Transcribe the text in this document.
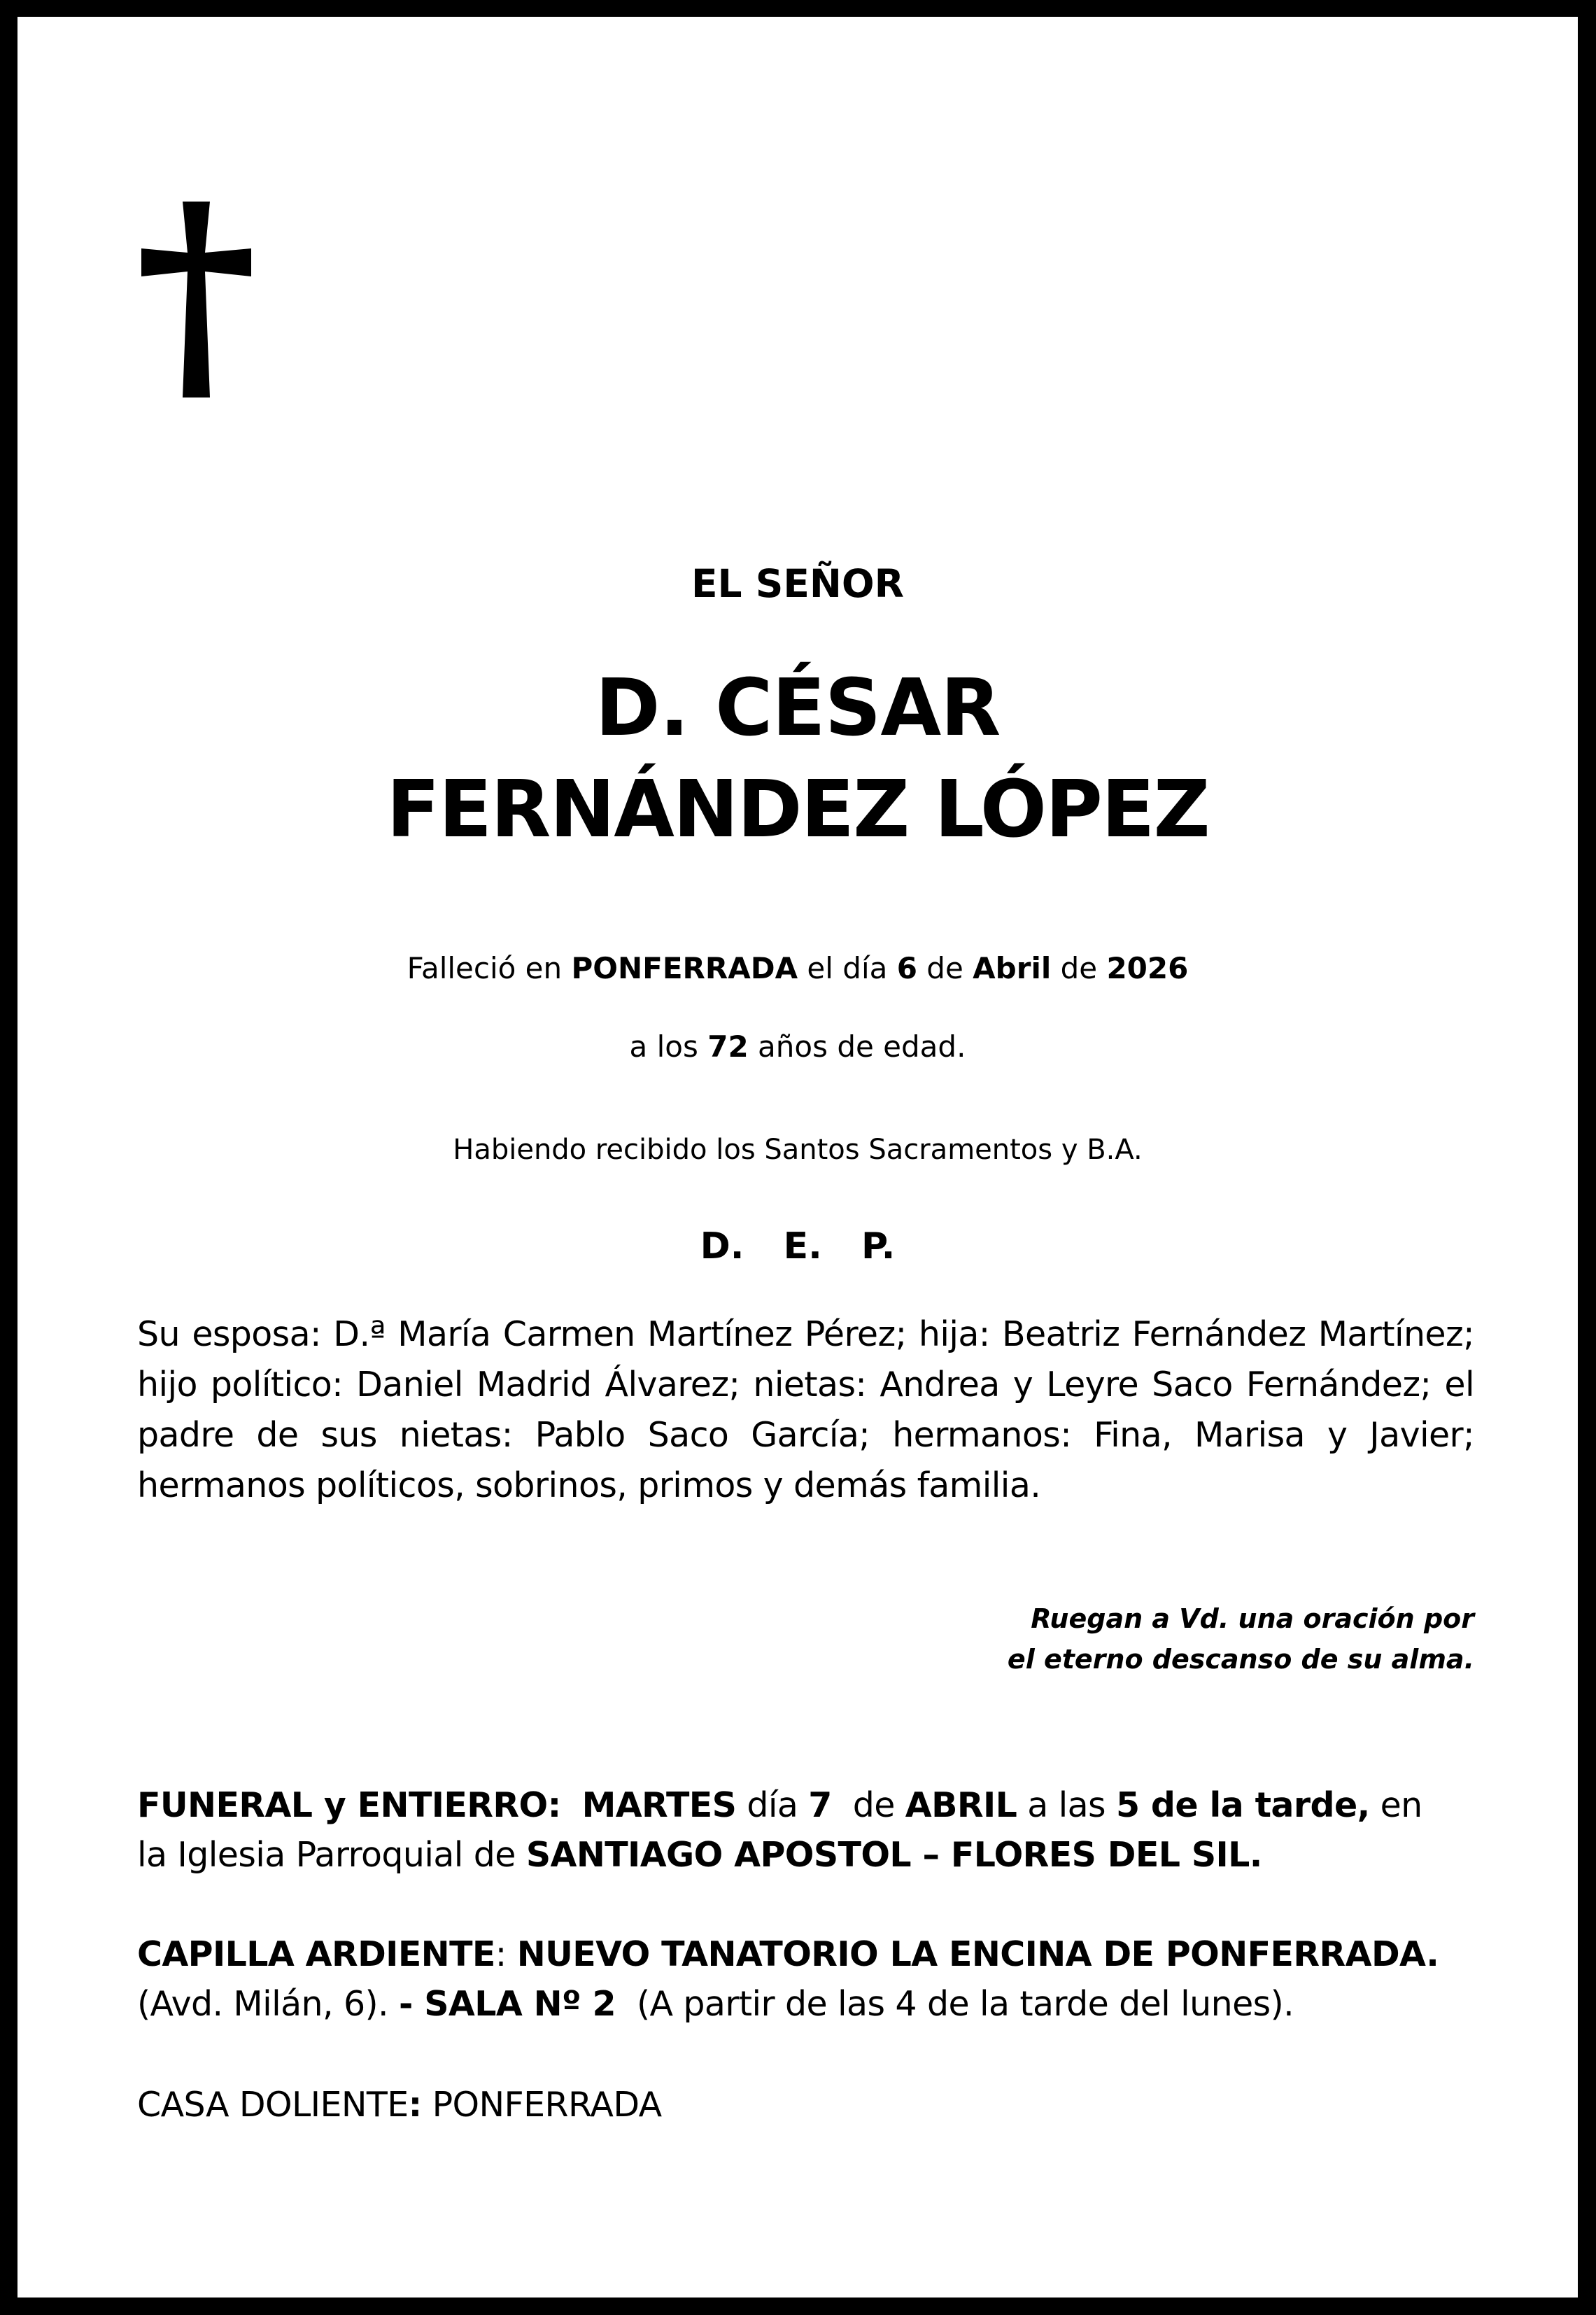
EL SEÑOR
D. CÉSAR
FERNÁNDEZ LÓPEZ
Falleció en PONFERRADA el día 6 de Abril de 2026
a los 72 años de edad.
Habiendo recibido los Santos Sacramentos y B.A.
D. E. P.
Su esposa: D.ª María Carmen Martínez Pérez; hija: Beatriz Fernández Martínez; hijo político: Daniel Madrid Álvarez; nietas: Andrea y Leyre Saco Fernández; el padre de sus nietas: Pablo Saco García; hermanos: Fina, Marisa y Javier; hermanos políticos, sobrinos, primos y demás familia.
Ruegan a Vd. una oración por
el eterno descanso de su alma.
FUNERAL y ENTIERRO: MARTES día 7  de ABRIL a las 5 de la tarde, en
la Iglesia Parroquial de SANTIAGO APOSTOL – FLORES DEL SIL.
CAPILLA ARDIENTE: NUEVO TANATORIO LA ENCINA DE PONFERRADA.
(Avd. Milán, 6). - SALA Nº 2  (A partir de las 4 de la tarde del lunes).
CASA DOLIENTE: PONFERRADA
